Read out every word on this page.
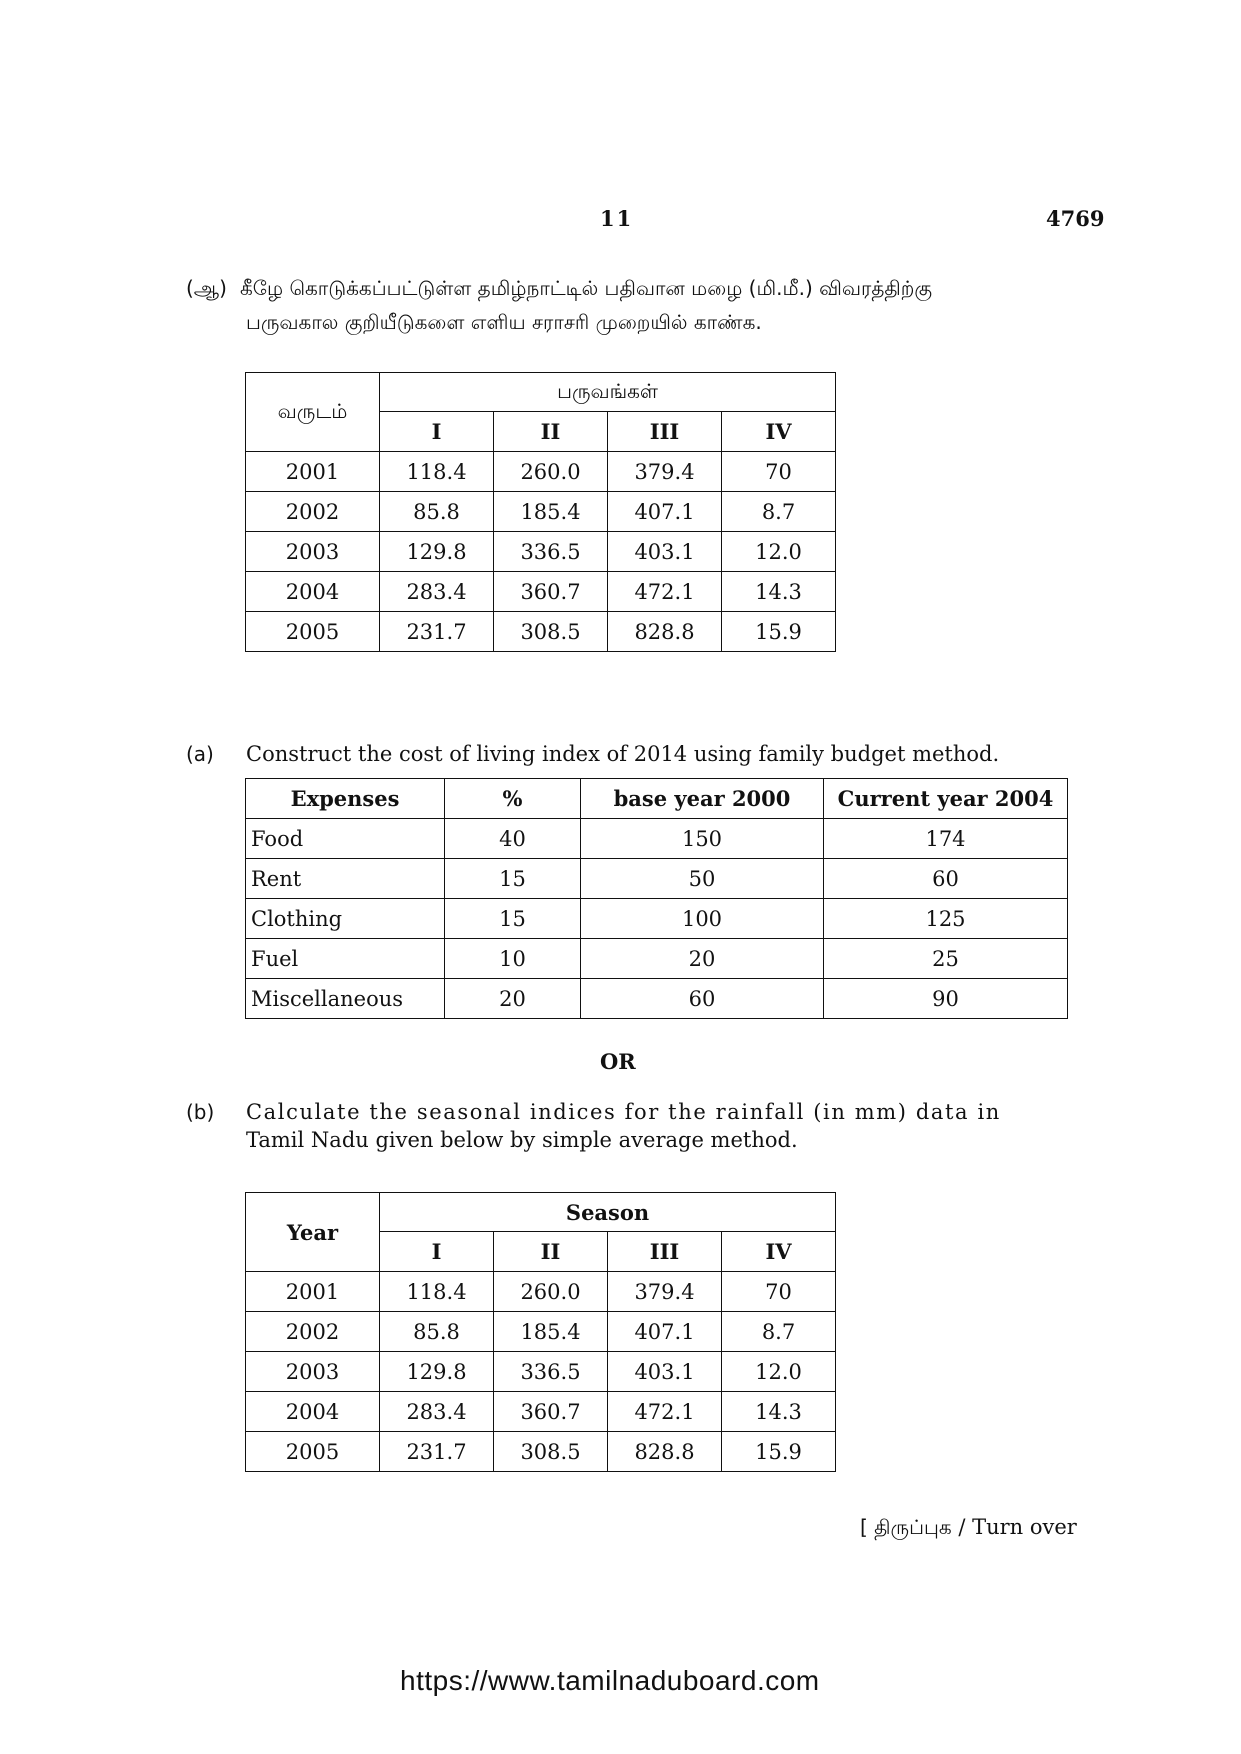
11	4769
(ஆ) கீழே கொடுக்கப்பட்டுள்ள தமிழ்நாட்டில் பதிவான மழை (மி.மீ.) விவரத்திற்கு
பருவகால குறியீடுகளை எளிய சராசரி முறையில் காண்க.
வருடம்	பருவங்கள்			
	I	II	III	IV
2001	118.4	260.0	379.4	70
2002	85.8	185.4	407.1	8.7
2003	129.8	336.5	403.1	12.0
2004	283.4	360.7	472.1	14.3
2005	231.7	308.5	828.8	15.9
(a) Construct the cost of living index of 2014 using family budget method.
Expenses	%	base year 2000	Current year 2004
Food	40	150	174
Rent	15	50	60
Clothing	15	100	125
Fuel	10	20	25
Miscellaneous	20	60	90
OR
(b) Calculate the seasonal indices for the rainfall (in mm) data in
Tamil Nadu given below by simple average method.
Year	Season			
	I	II	III	IV
2001	118.4	260.0	379.4	70
2002	85.8	185.4	407.1	8.7
2003	129.8	336.5	403.1	12.0
2004	283.4	360.7	472.1	14.3
2005	231.7	308.5	828.8	15.9
[ திருப்புக / Turn over
https://www.tamilnaduboard.com
